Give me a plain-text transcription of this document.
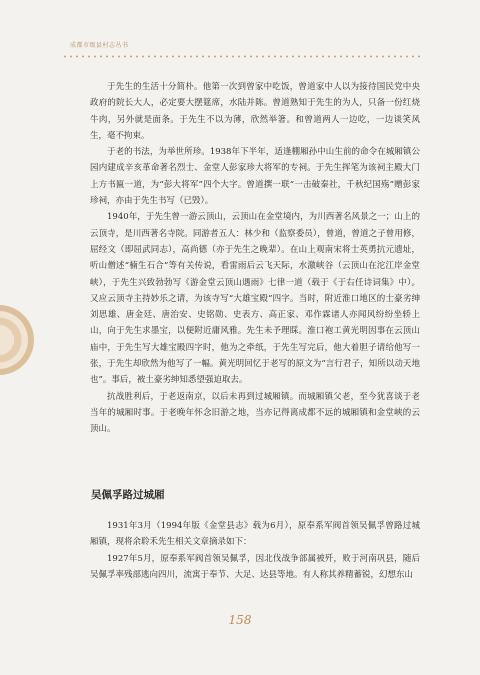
成都市级县村志丛书

于先生的生活十分简朴。他第一次到曾家中吃饭，曾道家中人以为接待国民党中央政府的院长大人，必定要大摆筵席，水陆并陈。曾道熟知于先生的为人，只备一份红烧牛肉，另外就是面条。于先生不以为薄，欣然举箸。和曾道两人一边吃，一边谈笑风生，毫不拘束。

于老的书法，为举世所珍。1938年下半年，适逢棚厢孙中山生前的命令在城厢镇公园内建成辛亥革命著名烈士、金堂人彭家珍大将军的专祠。于先生挥笔为该祠主殿大门上方书匾一道，为“彭大将军”四个大字。曾道撰一联“一击破秦社，千秋纪国殇”赠彭家珍祠，亦由于先生书写（已毁）。

1940年，于先生曾一游云顶山，云顶山在金堂境内，为川西著名风景之一；山上的云顶寺，是川西著名寺院。同游者五人：林少和（监察委员），曾道，曾道之子曾用修，屈经文（即屈武同志），高尚德（亦于先生之晚辈）。在山上观南宋将士英勇抗元遗址，听山僧述“楠生石合”等有关传说，看雷雨后云飞天际，水激峡谷（云顶山在沱江岸金堂峡），于先生兴致勃勃写《游金堂云顶山遇雨》七律一道（载于《于右任诗词集》中）。又应云顶寺主持妙乐之请，为该寺写“大雄宝殿”四字。当时，附近淮口地区的士豪劣绅刘思雄、唐金廷、唐治安、史铭勋、史表方、高正家、邓作霖诸人亦闻风纷纷坐轿上山，向于先生求墨宝，以便附近庸风雅。先生未予理睬。淮口袍工黄光明因事在云顶山庙中，于先生写大雄宝殿四字时，他为之牵纸，于先生写完后，他大着胆子请给他写一张，于先生却欣然为他写了一幅。黄光明回忆于老写的原文为“言行君子，知所以动天地也”。事后，被土豪劣绅知悉望强迫取去。

抗战胜利后，于老返南京，以后未再到过城厢镇。而城厢镇父老，至今犹喜谈于老当年的城厢时事。于老晚年怀念旧游之地，当亦记得离成都不远的城厢镇和金堂峡的云顶山。

吴佩孚路过城厢

1931年3月（1994年版《金堂县志》载为6月），原奉系军阀首领吴佩孚曾路过城厢镇，现将余聆禾先生相关文章摘录如下：

1927年5月，原奉系军阀首领吴佩孚，因北伐战争部属被歼，败于河南巩县，随后吴佩孚率残部逃向四川，流寓于奉节、大足、达县等地。有人称其养精蓄锐，幻想东山

158
